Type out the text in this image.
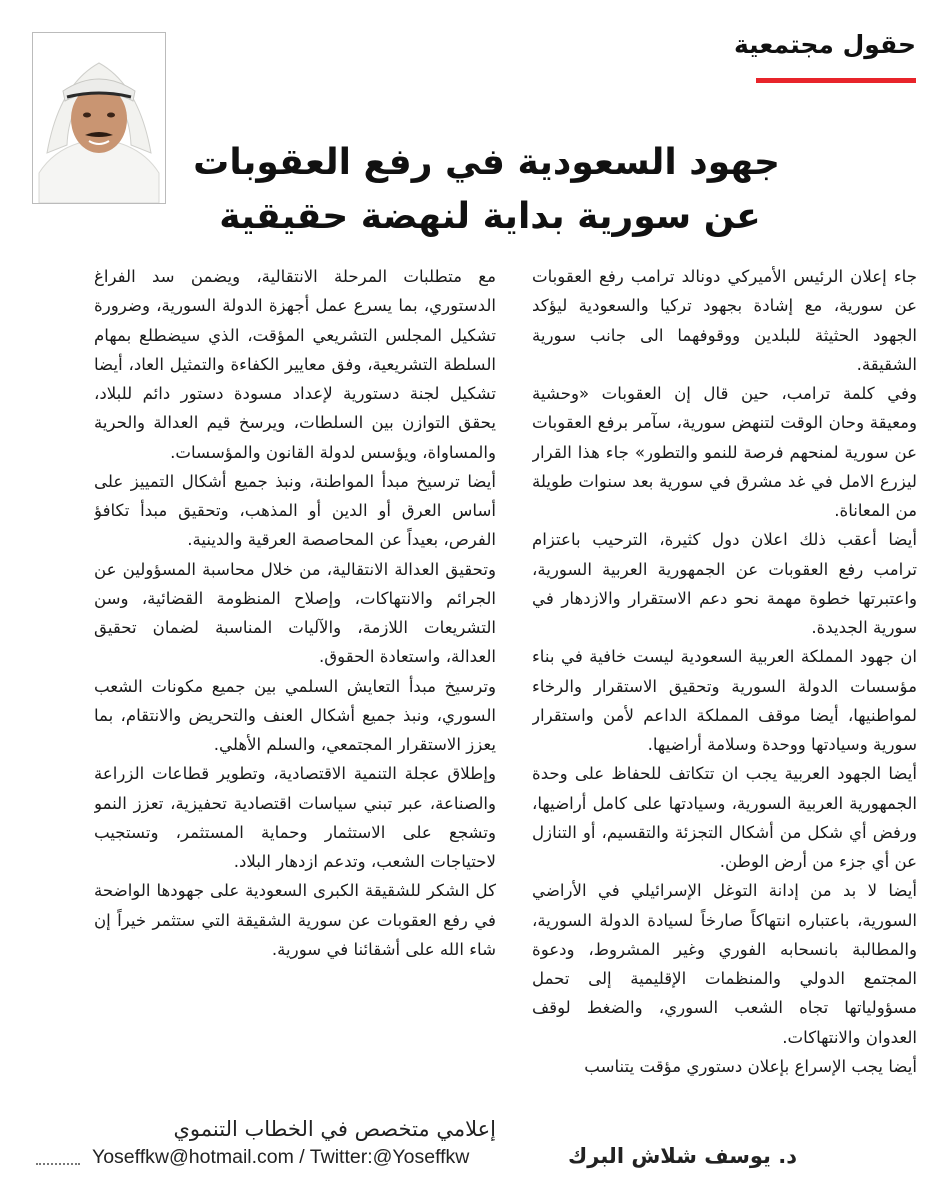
حقول مجتمعية
جهود السعودية في رفع العقوبات
عن سورية بداية لنهضة حقيقية

جاء إعلان الرئيس الأميركي دونالد ترامب رفع العقوبات عن سورية، مع إشادة بجهود تركيا والسعودية ليؤكد الجهود الحثيثة للبلدين ووقوفهما الى جانب سورية الشقيقة.

وفي كلمة ترامب، حين قال إن العقوبات «وحشية ومعيقة وحان الوقت لتنهض سورية، سآمر برفع العقوبات عن سورية لمنحهم فرصة للنمو والتطور» جاء هذا القرار ليزرع الامل في غد مشرق في سورية بعد سنوات طويلة من المعاناة.

أيضا أعقب ذلك اعلان دول كثيرة، الترحيب باعتزام ترامب رفع العقوبات عن الجمهورية العربية السورية، واعتبرتها خطوة مهمة نحو دعم الاستقرار والازدهار في سورية الجديدة.

ان جهود المملكة العربية السعودية ليست خافية في بناء مؤسسات الدولة السورية وتحقيق الاستقرار والرخاء لمواطنيها، أيضا موقف المملكة الداعم لأمن واستقرار سورية وسيادتها ووحدة وسلامة أراضيها.

أيضا الجهود العربية يجب ان تتكاتف للحفاظ على وحدة الجمهورية العربية السورية، وسيادتها على كامل أراضيها، ورفض أي شكل من أشكال التجزئة والتقسيم، أو التنازل عن أي جزء من أرض الوطن.

أيضا لا بد من إدانة التوغل الإسرائيلي في الأراضي السورية، باعتباره انتهاكاً صارخاً لسيادة الدولة السورية، والمطالبة بانسحابه الفوري وغير المشروط، ودعوة المجتمع الدولي والمنظمات الإقليمية إلى تحمل مسؤولياتها تجاه الشعب السوري، والضغط لوقف العدوان والانتهاكات.

أيضا يجب الإسراع بإعلان دستوري مؤقت يتناسب

مع متطلبات المرحلة الانتقالية، ويضمن سد الفراغ الدستوري، بما يسرع عمل أجهزة الدولة السورية، وضرورة تشكيل المجلس التشريعي المؤقت، الذي سيضطلع بمهام السلطة التشريعية، وفق معايير الكفاءة والتمثيل العاد، أيضا تشكيل لجنة دستورية لإعداد مسودة دستور دائم للبلاد، يحقق التوازن بين السلطات، ويرسخ قيم العدالة والحرية والمساواة، ويؤسس لدولة القانون والمؤسسات.

أيضا ترسيخ مبدأ المواطنة، ونبذ جميع أشكال التمييز على أساس العرق أو الدين أو المذهب، وتحقيق مبدأ تكافؤ الفرص، بعيداً عن المحاصصة العرقية والدينية.

وتحقيق العدالة الانتقالية، من خلال محاسبة المسؤولين عن الجرائم والانتهاكات، وإصلاح المنظومة القضائية، وسن التشريعات اللازمة، والآليات المناسبة لضمان تحقيق العدالة، واستعادة الحقوق.

وترسيخ مبدأ التعايش السلمي بين جميع مكونات الشعب السوري، ونبذ جميع أشكال العنف والتحريض والانتقام، بما يعزز الاستقرار المجتمعي، والسلم الأهلي.

وإطلاق عجلة التنمية الاقتصادية، وتطوير قطاعات الزراعة والصناعة، عبر تبني سياسات اقتصادية تحفيزية، تعزز النمو وتشجع على الاستثمار وحماية المستثمر، وتستجيب لاحتياجات الشعب، وتدعم ازدهار البلاد.

كل الشكر للشقيقة الكبرى السعودية على جهودها الواضحة في رفع العقوبات عن سورية الشقيقة التي ستثمر خيراً إن شاء الله على أشقائنا في سورية.

إعلامي متخصص في الخطاب التنموي
Yoseffkw@hotmail.com / Twitter:@Yoseffkw	د. يوسف شلاش البرك
